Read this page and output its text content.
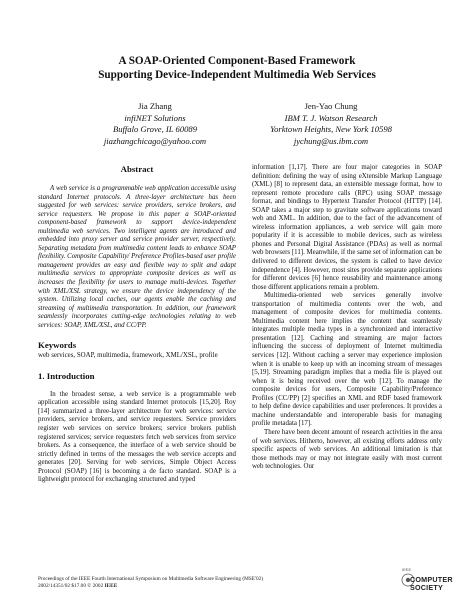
A SOAP-Oriented Component-Based Framework
Supporting Device-Independent Multimedia Web Services
Jia Zhang
infiNET Solutions
Buffalo Grove, IL 60089
jiazhangchicago@yahoo.com
Jen-Yao Chung
IBM T. J. Watson Research
Yorktown Heights, New York 10598
jychung@us.ibm.com
Abstract

A web service is a programmable web application accessible using standard Internet protocols. A three-layer architecture has been suggested for web services: service providers, service brokers, and service requesters. We propose in this paper a SOAP-oriented component-based framework to support device-independent multimedia web services. Two intelligent agents are introduced and embedded into proxy server and service provider server, respectively. Separating metadata from multimedia content leads to enhance SOAP flexibility. Composite Capability/ Preference Profiles-based user profile management provides an easy and flexible way to split and adapt multimedia services to appropriate composite devices as well as increases the flexibility for users to manage multi-devices. Together with XML/XSL strategy, we ensure the device independency of the system. Utilizing local caches, our agents enable the caching and streaming of multimedia transportation. In addition, our framework seamlessly incorporates cutting-edge technologies relating to web services: SOAP, XML/XSL, and CC/PP.

Keywords

web services, SOAP, multimedia, framework, XML/XSL, profile

1. Introduction

In the broadest sense, a web service is a programmable web application accessible using standard Internet protocols [15,20]. Roy [14] summarized a three-layer architecture for web services: service providers, service brokers, and service requesters. Service providers register web services on service brokers; service brokers publish registered services; service requesters fetch web services from service brokers. As a consequence, the interface of a web service should be strictly defined in terms of the messages the web service accepts and generates [20]. Serving for web services, Simple Object Access Protocol (SOAP) [16] is becoming a de facto standard. SOAP is a lightweight protocol for exchanging structured and typed

information [1,17]. There are four major categories in SOAP definition: defining the way of using eXtensible Markup Language (XML) [8] to represent data, an extensible message format, how to represent remote procedure calls (RPC) using SOAP message format, and bindings to Hypertext Transfer Protocol (HTTP) [14]. SOAP takes a major step to gravitate software applications toward web and XML. In addition, due to the fact of the advancement of wireless information appliances, a web service will gain more popularity if it is accessible to mobile devices, such as wireless phones and Personal Digital Assistance (PDAs) as well as normal web browsers [11]. Meanwhile, if the same set of information can be delivered to different devices, the system is called to have device independence [4]. However, most sites provide separate applications for different devices [6] hence reusability and maintenance among those different applications remain a problem.

Multimedia-oriented web services generally involve transportation of multimedia contents over the web, and management of composite devices for multimedia contents. Multimedia content here implies the content that seamlessly integrates multiple media types in a synchronized and interactive presentation [12]. Caching and streaming are major factors influencing the success of deployment of Internet multimedia services [12]. Without caching a server may experience implosion when it is unable to keep up with an incoming stream of messages [5,19]. Streaming paradigm implies that a media file is played out when it is being received over the web [12]. To manage the composite devices for users, Composite Capability/Preference Profiles (CC/PP) [2] specifies an XML and RDF based framework to help define device capabilities and user preferences. It provides a machine understandable and interoperable basis for managing profile metadata [17].

There have been decent amount of research activities in the area of web services. Hitherto, however, all existing efforts address only specific aspects of web services. An additional limitation is that those methods may or may not integrate easily with most current web technologies. Our

Proceedings of the IEEE Fourth International Symposium on Multimedia Software Engineering (MSE'02)
2002/14351/02 $17.00 © 2002 IEEE
IEEE
COMPUTER
SOCIETY
